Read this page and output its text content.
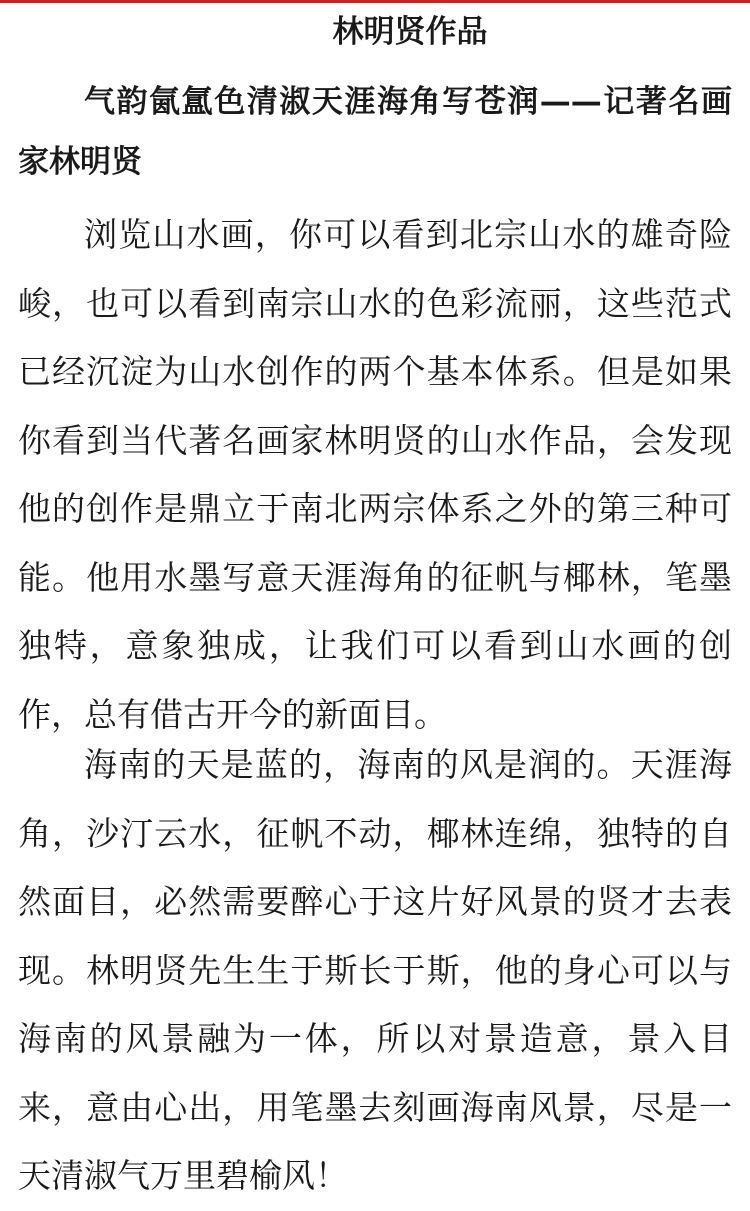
林明贤作品
气韵氤氲色清淑天涯海角写苍润——记著名画家林明贤
浏览山水画，你可以看到北宗山水的雄奇险峻，也可以看到南宗山水的色彩流丽，这些范式已经沉淀为山水创作的两个基本体系。但是如果你看到当代著名画家林明贤的山水作品，会发现他的创作是鼎立于南北两宗体系之外的第三种可能。他用水墨写意天涯海角的征帆与椰林，笔墨独特，意象独成，让我们可以看到山水画的创作，总有借古开今的新面目。
海南的天是蓝的，海南的风是润的。天涯海角，沙汀云水，征帆不动，椰林连绵，独特的自然面目，必然需要醉心于这片好风景的贤才去表现。林明贤先生生于斯长于斯，他的身心可以与海南的风景融为一体，所以对景造意，景入目来，意由心出，用笔墨去刻画海南风景，尽是一天清淑气万里碧榆风！
